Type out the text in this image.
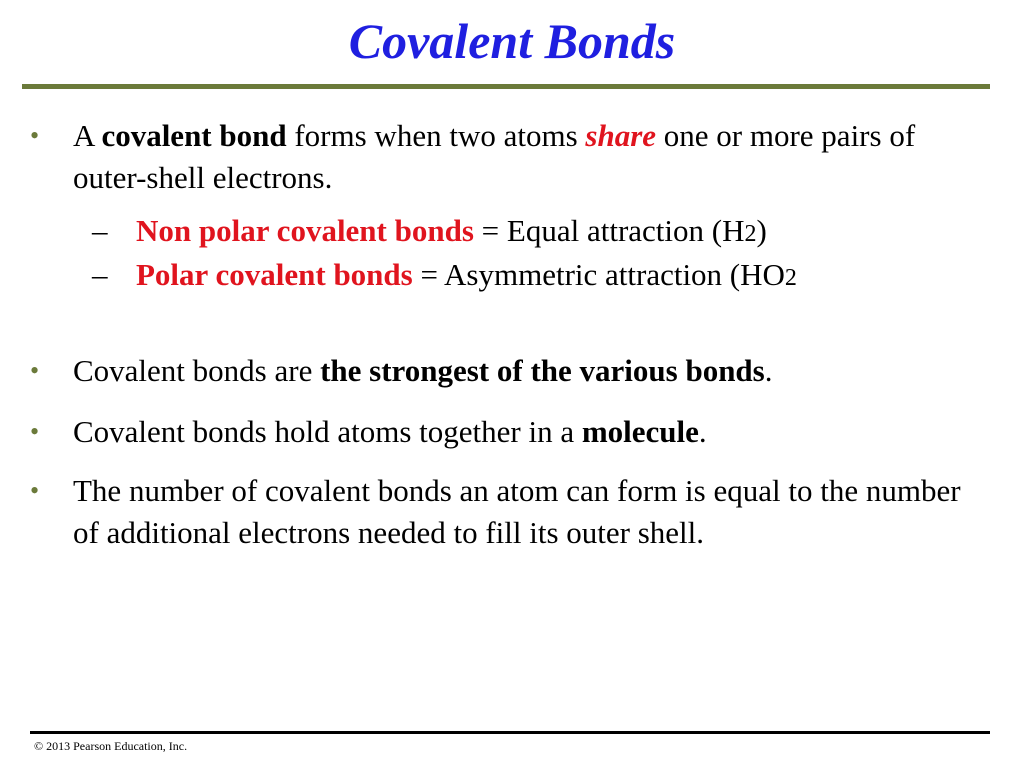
Covalent Bonds
• A covalent bond forms when two atoms share one or more pairs of outer-shell electrons.
– Non polar covalent bonds = Equal attraction (H2)
– Polar covalent bonds = Asymmetric attraction (HO2
• Covalent bonds are the strongest of the various bonds.
• Covalent bonds hold atoms together in a molecule.
• The number of covalent bonds an atom can form is equal to the number of additional electrons needed to fill its outer shell.
© 2013 Pearson Education, Inc.
